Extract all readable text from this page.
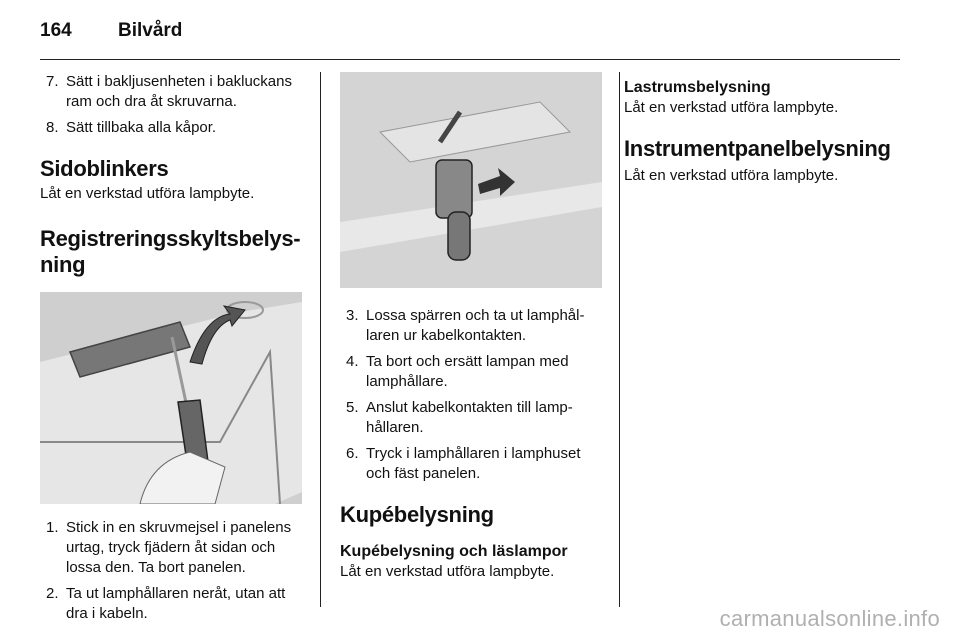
164 Bilvård
7. Sätt i bakljusenheten i bakluckans ram och dra åt skruvarna.
8. Sätt tillbaka alla kåpor.
Sidoblinkers

Låt en verkstad utföra lampbyte.

Registreringsskyltsbelys-
ning
1. Stick in en skruvmejsel i panelens urtag, tryck fjädern åt sidan och lossa den. Ta bort panelen.
2. Ta ut lamphållaren neråt, utan att dra i kabeln.
3. Lossa spärren och ta ut lamphållaren ur kabelkontakten.
4. Ta bort och ersätt lampan med lamphållare.
5. Anslut kabelkontakten till lamphållaren.
6. Tryck i lamphållaren i lamphuset och fäst panelen.
Kupébelysning
Kupébelysning och läslampor

Låt en verkstad utföra lampbyte.

Lastrumsbelysning

Låt en verkstad utföra lampbyte.

Instrumentpanelbelysning

Låt en verkstad utföra lampbyte.

carmanualsonline.info
